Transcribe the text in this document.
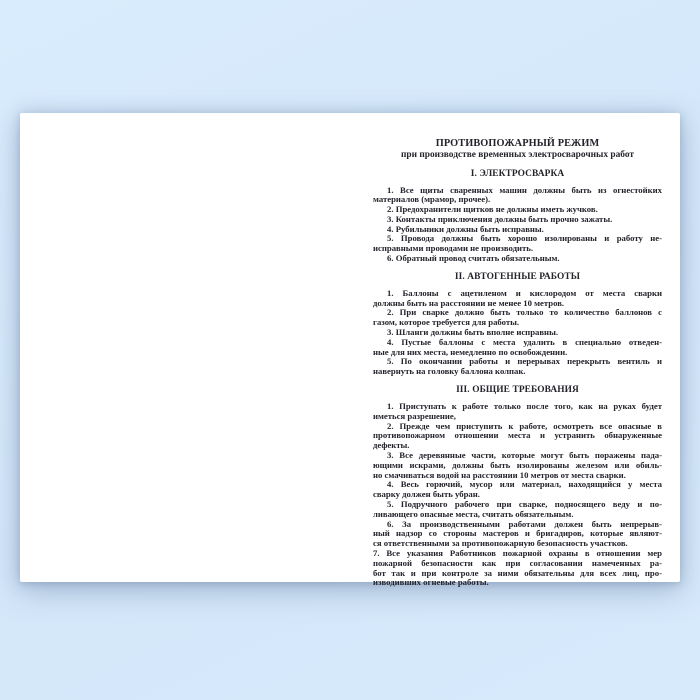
ПРОТИВОПОЖАРНЫЙ РЕЖИМ
при производстве временных электросварочных работ
I. ЭЛЕКТРОСВАРКА
1. Все щиты сваренных машин должны быть из огнестойких
материалов (мрамор, прочее).
2. Предохранители щитков не должны иметь жучков.
3. Контакты приключения должны быть прочно зажаты.
4. Рубильники должны быть исправны.
5. Провода должны быть хорошо изолированы и работу не-
исправными проводами не производить.
6. Обратный провод считать обязательным.
II. АВТОГЕННЫЕ РАБОТЫ
1. Баллоны с ацетиленом и кислородом от места сварки
должны быть на расстоянии не менее 10 метров.
2. При сварке должно быть только то количество баллонов с
газом, которое требуется для работы.
3. Шланги должны быть вполне исправны.
4. Пустые баллоны с места удалить в специально отведен-
ные для них места, немедленно по освобождении.
5. По окончании работы и перерывах перекрыть вентиль и
навернуть на головку баллона колпак.
III. ОБЩИЕ ТРЕБОВАНИЯ
1. Приступать к работе только после того, как на руках будет
иметься разрешение,
2. Прежде чем приступить к работе, осмотреть все опасные в
противопожарном отношении места и устранить обнаруженные
дефекты.
3. Все деревянные части, которые могут быть поражены пада-
ющими искрами, должны быть изолированы железом или обиль-
но смачиваться водой на расстоянии 10 метров от места сварки.
4. Весь горючий, мусор или материал, находящийся у места
сварку должен быть убран.
5. Подручного рабочего при сварке, подносящего веду и по-
ливающего опасные места, считать обязательным.
6. За производственными работами должен быть непрерыв-
ный надзор со стороны мастеров и бригадиров, которые являют-
ся ответственными за противопожарную безопасность участков.
7. Все указания Работников пожарной охраны в отношении мер
пожарной безопасности как при согласовании намеченных ра-
бот так и при контроле за ними обязательны для всех лиц, про-
изводивших огневые работы.
